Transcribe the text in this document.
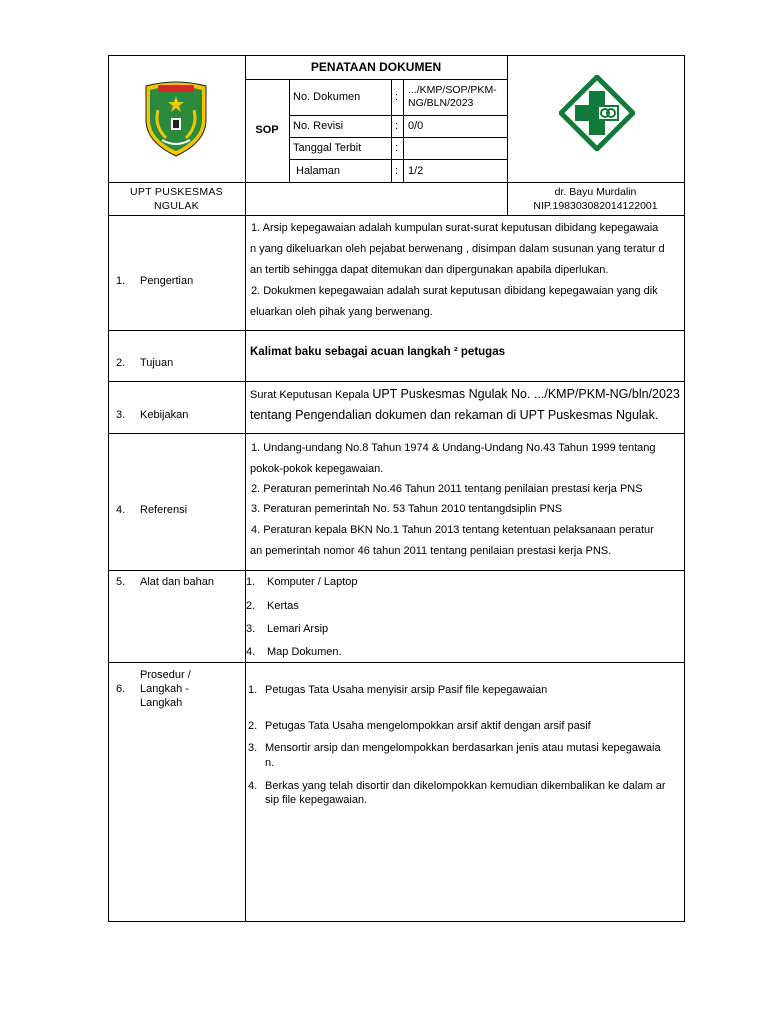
PENATAAN DOKUMEN
SOP
No. Dokumen	:
.../KMP/SOP/PKM-NG/BLN/2023
No. Revisi	: 0/0
Tanggal Terbit	:
Halaman	: 1/2
UPT PUSKESMAS
NGULAK
dr. Bayu Murdalin
NIP.198303082014122001
1. Pengertian
1. Arsip kepegawaian adalah kumpulan surat-surat keputusan dibidang kepegawaia
n yang dikeluarkan oleh pejabat berwenang , disimpan dalam susunan yang teratur d
an tertib sehingga dapat ditemukan dan dipergunakan apabila diperlukan.
2. Dokukmen kepegawaian adalah surat keputusan dibidang kepegawaian yang dik
eluarkan oleh pihak yang berwenang.
2. Tujuan
Kalimat baku sebagai acuan langkah ² petugas
3. Kebijakan
Surat Keputusan Kepala UPT Puskesmas Ngulak No. .../KMP/PKM-NG/bln/2023
tentang Pengendalian dokumen dan rekaman di UPT Puskesmas Ngulak.
4. Referensi
1. Undang-undang No.8 Tahun 1974 & Undang-Undang No.43 Tahun 1999 tentang
pokok-pokok kepegawaian.
2. Peraturan pemerintah No.46 Tahun 2011 tentang penilaian prestasi kerja PNS
3. Peraturan pemerintah No. 53 Tahun 2010 tentangdsiplin PNS
4. Peraturan kepala BKN No.1 Tahun 2013 tentang ketentuan pelaksanaan peratur
an pemerintah nomor 46 tahun 2011 tentang penilaian prestasi kerja PNS.
5. Alat dan bahan	1. Komputer / Laptop
2. Kertas
3. Lemari Arsip
4. Map Dokumen.
6.
Prosedur /
Langkah -
Langkah
1. Petugas Tata Usaha menyisir arsip Pasif file kepegawaian
2. Petugas Tata Usaha mengelompokkan arsif aktif dengan arsif pasif
3. Mensortir arsip dan mengelompokkan berdasarkan jenis atau mutasi kepegawaia
n.
4. Berkas yang telah disortir dan dikelompokkan kemudian dikembalikan ke dalam ar
sip file kepegawaian.
